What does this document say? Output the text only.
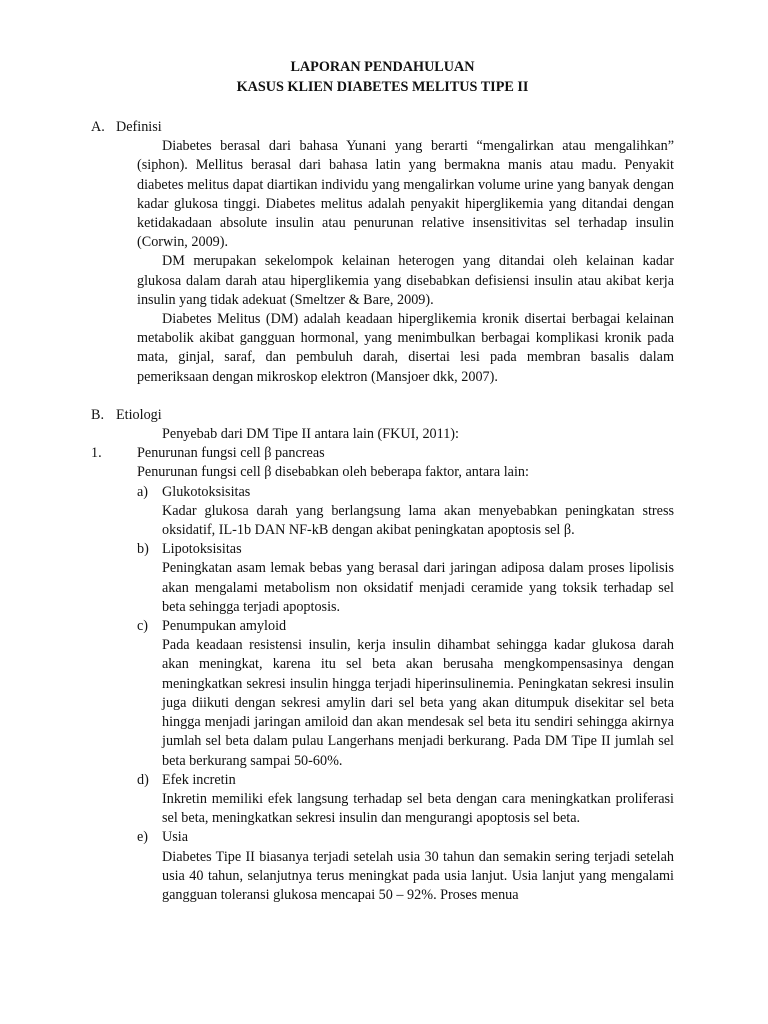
LAPORAN PENDAHULUAN

KASUS KLIEN DIABETES MELITUS TIPE II

A. Definisi

Diabetes berasal dari bahasa Yunani yang berarti “mengalirkan atau mengalihkan” (siphon). Mellitus berasal dari bahasa latin yang bermakna manis atau madu. Penyakit diabetes melitus dapat diartikan individu yang mengalirkan volume urine yang banyak dengan kadar glukosa tinggi. Diabetes melitus adalah penyakit hiperglikemia yang ditandai dengan ketidakadaan absolute insulin atau penurunan relative insensitivitas sel terhadap insulin (Corwin, 2009).

DM merupakan sekelompok kelainan heterogen yang ditandai oleh kelainan kadar glukosa dalam darah atau hiperglikemia yang disebabkan defisiensi insulin atau akibat kerja insulin yang tidak adekuat (Smeltzer & Bare, 2009).

Diabetes Melitus (DM) adalah keadaan hiperglikemia kronik disertai berbagai kelainan metabolik akibat gangguan hormonal, yang menimbulkan berbagai komplikasi kronik pada mata, ginjal, saraf, dan pembuluh darah, disertai lesi pada membran basalis dalam pemeriksaan dengan mikroskop elektron (Mansjoer dkk, 2007).

B. Etiologi

Penyebab dari DM Tipe II antara lain (FKUI, 2011):

1. Penurunan fungsi cell β pancreas

Penurunan fungsi cell β disebabkan oleh beberapa faktor, antara lain:

a) Glukotoksisitas

Kadar glukosa darah yang berlangsung lama akan menyebabkan peningkatan stress oksidatif, IL-1b DAN NF-kB dengan akibat peningkatan apoptosis sel β.

b) Lipotoksisitas

Peningkatan asam lemak bebas yang berasal dari jaringan adiposa dalam proses lipolisis akan mengalami metabolism non oksidatif menjadi ceramide yang toksik terhadap sel beta sehingga terjadi apoptosis.

c) Penumpukan amyloid

Pada keadaan resistensi insulin, kerja insulin dihambat sehingga kadar glukosa darah akan meningkat, karena itu sel beta akan berusaha mengkompensasinya dengan meningkatkan sekresi insulin hingga terjadi hiperinsulinemia. Peningkatan sekresi insulin juga diikuti dengan sekresi amylin dari sel beta yang akan ditumpuk disekitar sel beta hingga menjadi jaringan amiloid dan akan mendesak sel beta itu sendiri sehingga akirnya jumlah sel beta dalam pulau Langerhans menjadi berkurang. Pada DM Tipe II jumlah sel beta berkurang sampai 50-60%.

d) Efek incretin

Inkretin memiliki efek langsung terhadap sel beta dengan cara meningkatkan proliferasi sel beta, meningkatkan sekresi insulin dan mengurangi apoptosis sel beta.

e) Usia

Diabetes Tipe II biasanya terjadi setelah usia 30 tahun dan semakin sering terjadi setelah usia 40 tahun, selanjutnya terus meningkat pada usia lanjut. Usia lanjut yang mengalami gangguan toleransi glukosa mencapai 50 – 92%. Proses menua
